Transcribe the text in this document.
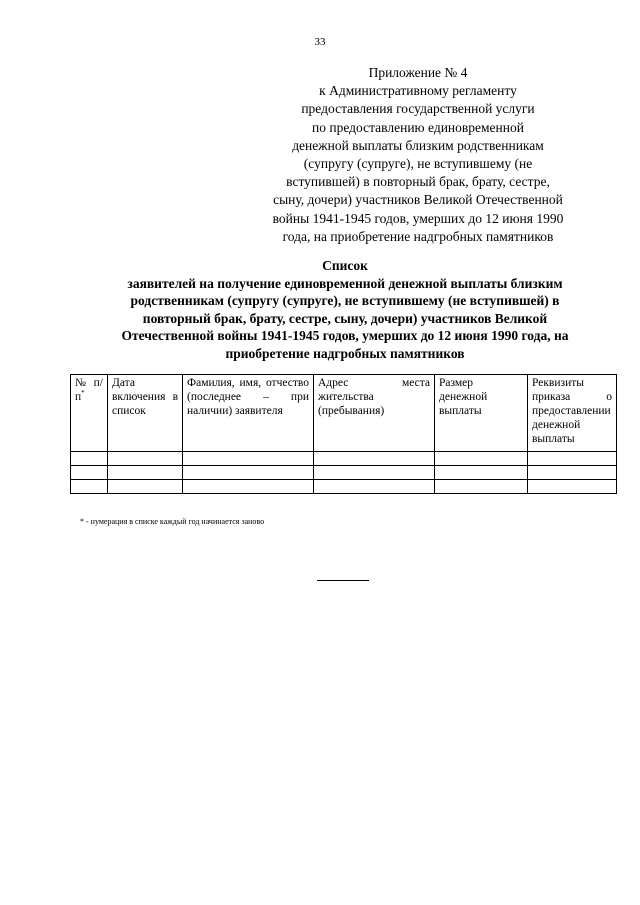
33
Приложение № 4
к Административному регламенту
предоставления государственной услуги
по предоставлению единовременной
денежной выплаты близким родственникам
(супругу (супруге), не вступившему (не
вступившей) в повторный брак, брату, сестре,
сыну, дочери) участников Великой Отечественной
войны 1941-1945 годов, умерших до 12 июня 1990
года, на приобретение надгробных памятников
Список
заявителей на получение единовременной денежной выплаты близким
родственникам (супругу (супруге), не вступившему (не вступившей) в
повторный брак, брату, сестре, сыну, дочери) участников Великой
Отечественной войны 1941-1945 годов, умерших до 12 июня 1990 года, на
приобретение надгробных памятников
№ п/п*	Дата включения в список	Фамилия, имя, отчество (последнее – при наличии) заявителя	Адрес места жительства (пребывания)	Размер денежной выплаты	Реквизиты приказа о предоставлении денежной выплаты

* - нумерация в списке каждый год начинается заново
